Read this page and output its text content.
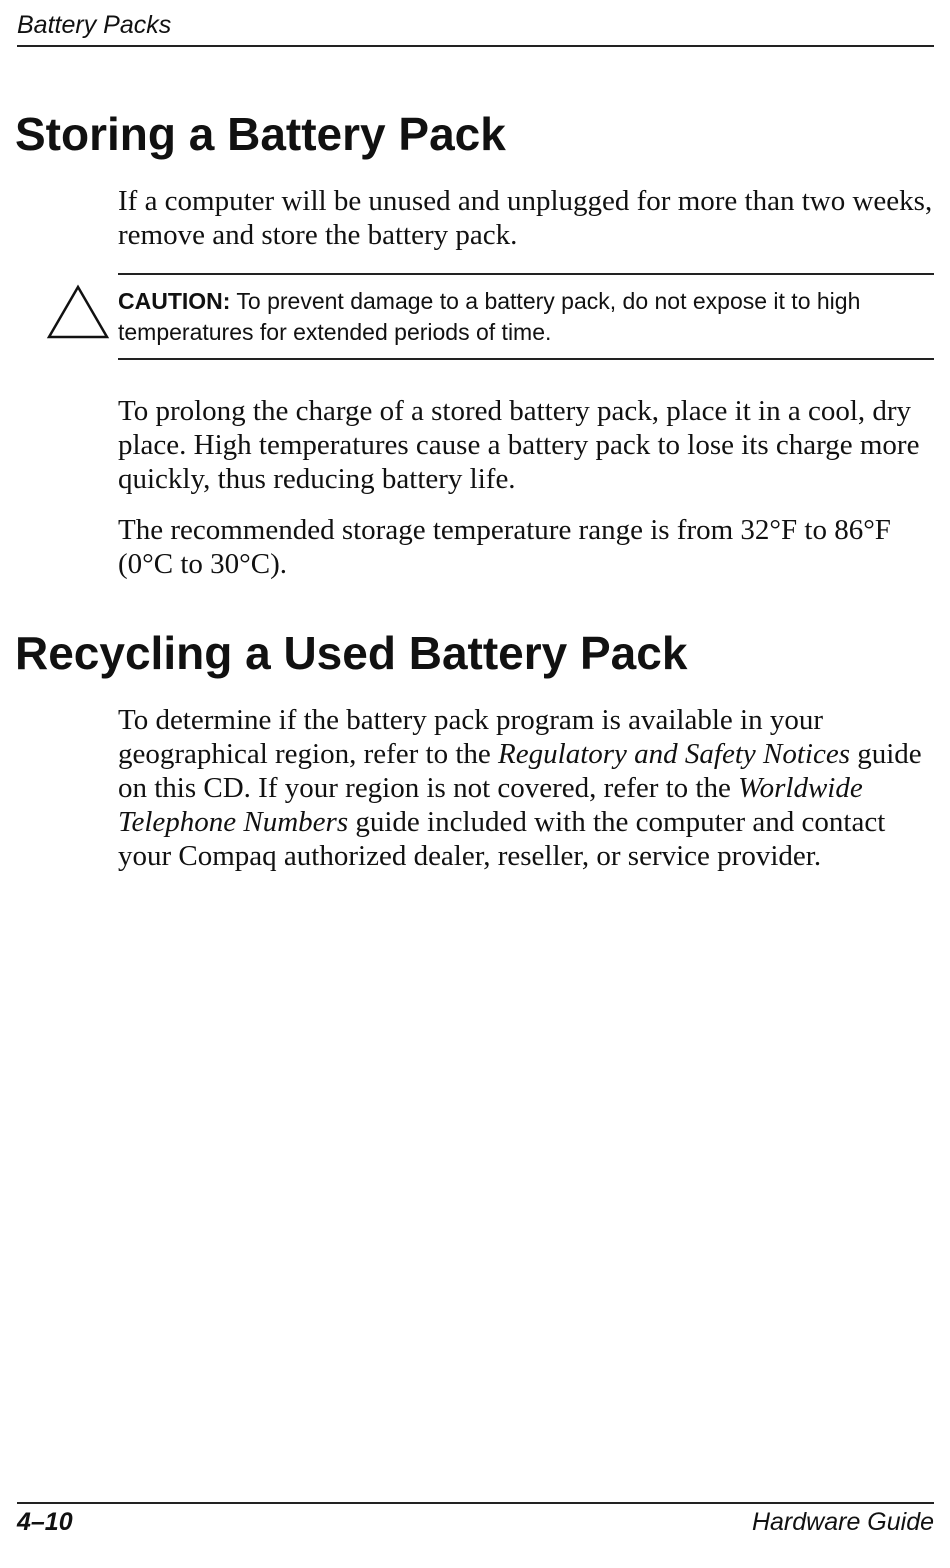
Battery Packs
Storing a Battery Pack

If a computer will be unused and unplugged for more than two weeks, remove and store the battery pack.

CAUTION: To prevent damage to a battery pack, do not expose it to high temperatures for extended periods of time.

To prolong the charge of a stored battery pack, place it in a cool, dry place. High temperatures cause a battery pack to lose its charge more quickly, thus reducing battery life.

The recommended storage temperature range is from 32°F to 86°F (0°C to 30°C).

Recycling a Used Battery Pack

To determine if the battery pack program is available in your geographical region, refer to the Regulatory and Safety Notices guide on this CD. If your region is not covered, refer to the Worldwide Telephone Numbers guide included with the computer and contact your Compaq authorized dealer, reseller, or service provider.

4–10	Hardware Guide
